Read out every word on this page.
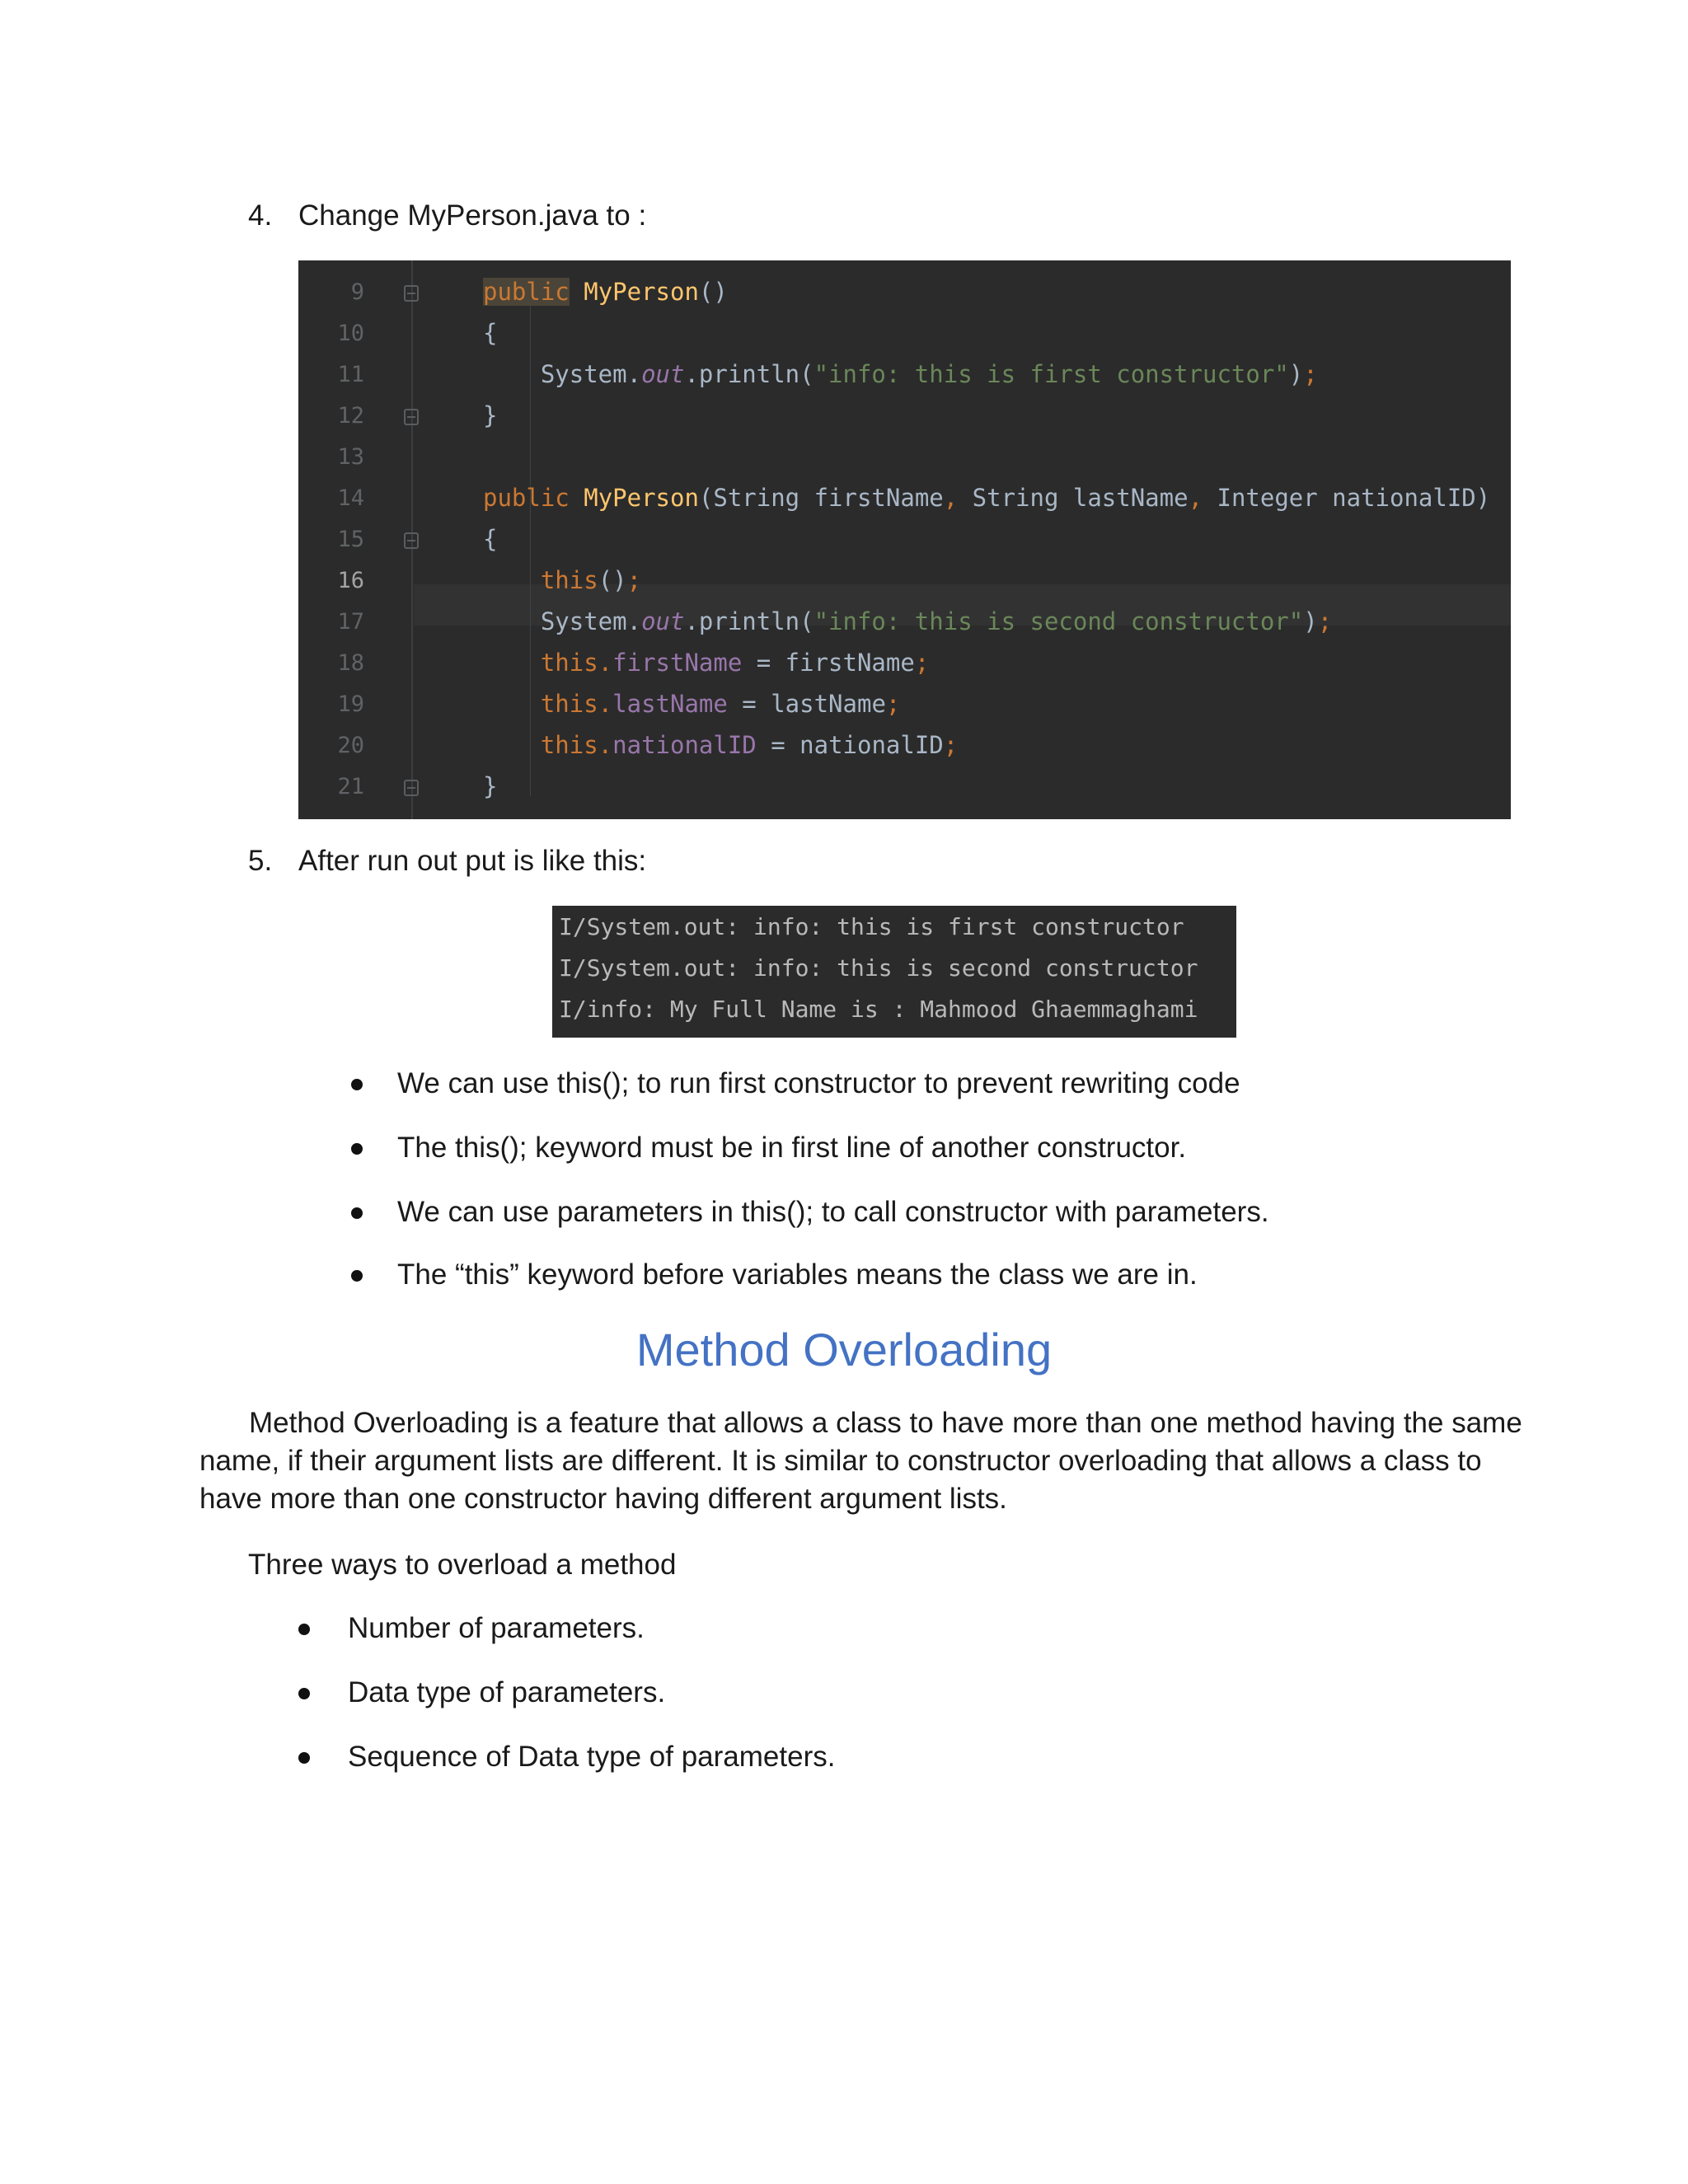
4. Change MyPerson.java to :
9
10
11
12
13
14
15
16
17
18
19
20
21
public MyPerson()
{
System.out.println("info: this is first constructor");
}
public MyPerson(String firstName, String lastName, Integer nationalID)
{
this();
System.out.println("info: this is second constructor");
this.firstName = firstName;
this.lastName = lastName;
this.nationalID = nationalID;
}
5. After run out put is like this:
I/System.out: info: this is first constructor
I/System.out: info: this is second constructor
I/info: My Full Name is : Mahmood Ghaemmaghami
We can use this(); to run first constructor to prevent rewriting code
The this(); keyword must be in first line of another constructor.
We can use parameters in this(); to call constructor with parameters.
The “this” keyword before variables means the class we are in.
Method Overloading
Method Overloading is a feature that allows a class to have more than one method having the same
name, if their argument lists are different. It is similar to constructor overloading that allows a class to
have more than one constructor having different argument lists.
Three ways to overload a method
Number of parameters.
Data type of parameters.
Sequence of Data type of parameters.
